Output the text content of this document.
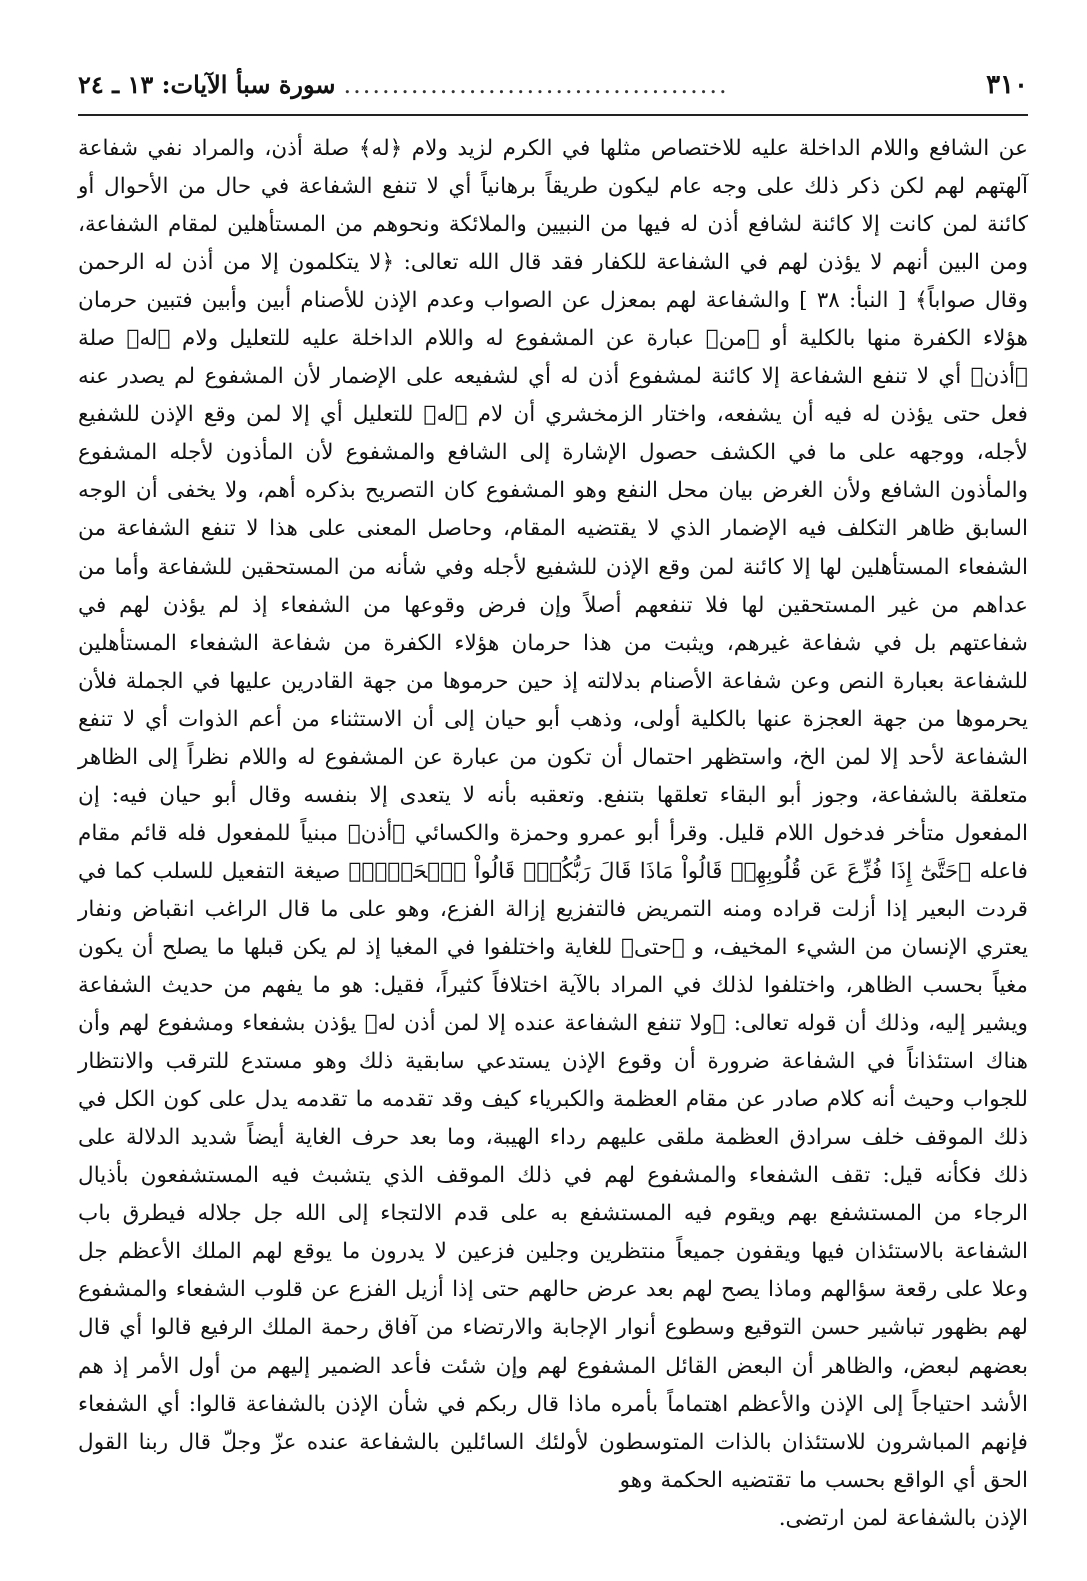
٣١٠
........................................
سورة سبأ الآيات: ١٣ ـ ٢٤

عن الشافع واللام الداخلة عليه للاختصاص مثلها في الكرم لزيد ولام ﴿له﴾ صلة أذن، والمراد نفي شفاعة آلهتهم لهم لكن ذكر ذلك على وجه عام ليكون طريقاً برهانياً أي لا تنفع الشفاعة في حال من الأحوال أو كائنة لمن كانت إلا كائنة لشافع أذن له فيها من النبيين والملائكة ونحوهم من المستأهلين لمقام الشفاعة، ومن البين أنهم لا يؤذن لهم في الشفاعة للكفار فقد قال الله تعالى: ﴿لا يتكلمون إلا من أذن له الرحمن وقال صواباً﴾ [ النبأ: ٣٨ ] والشفاعة لهم بمعزل عن الصواب وعدم الإذن للأصنام أبين وأبين فتبين حرمان هؤلاء الكفرة منها بالكلية أو ﴿من﴾ عبارة عن المشفوع له واللام الداخلة عليه للتعليل ولام ﴿له﴾ صلة ﴿أذن﴾ أي لا تنفع الشفاعة إلا كائنة لمشفوع أذن له أي لشفيعه على الإضمار لأن المشفوع لم يصدر عنه فعل حتى يؤذن له فيه أن يشفعه، واختار الزمخشري أن لام ﴿له﴾ للتعليل أي إلا لمن وقع الإذن للشفيع لأجله، ووجهه على ما في الكشف حصول الإشارة إلى الشافع والمشفوع لأن المأذون لأجله المشفوع والمأذون الشافع ولأن الغرض بيان محل النفع وهو المشفوع كان التصريح بذكره أهم، ولا يخفى أن الوجه السابق ظاهر التكلف فيه الإضمار الذي لا يقتضيه المقام، وحاصل المعنى على هذا لا تنفع الشفاعة من الشفعاء المستأهلين لها إلا كائنة لمن وقع الإذن للشفيع لأجله وفي شأنه من المستحقين للشفاعة وأما من عداهم من غير المستحقين لها فلا تنفعهم أصلاً وإن فرض وقوعها من الشفعاء إذ لم يؤذن لهم في شفاعتهم بل في شفاعة غيرهم، ويثبت من هذا حرمان هؤلاء الكفرة من شفاعة الشفعاء المستأهلين للشفاعة بعبارة النص وعن شفاعة الأصنام بدلالته إذ حين حرموها من جهة القادرين عليها في الجملة فلأن يحرموها من جهة العجزة عنها بالكلية أولى، وذهب أبو حيان إلى أن الاستثناء من أعم الذوات أي لا تنفع الشفاعة لأحد إلا لمن الخ، واستظهر احتمال أن تكون من عبارة عن المشفوع له واللام نظراً إلى الظاهر متعلقة بالشفاعة، وجوز أبو البقاء تعلقها بتنفع. وتعقبه بأنه لا يتعدى إلا بنفسه وقال أبو حيان فيه: إن المفعول متأخر فدخول اللام قليل. وقرأ أبو عمرو وحمزة والكسائي ﴿أذن﴾ مبنياً للمفعول فله قائم مقام فاعله ﴿حَتَّىٰٓ إِذَا فُزِّعَ عَن قُلُوبِهِمۡ قَالُواْ مَاذَا قَالَ رَبُّكُمۡۖ قَالُواْ ٱلۡحَقَّۖ﴾ صيغة التفعيل للسلب كما في قردت البعير إذا أزلت قراده ومنه التمريض فالتفزيع إزالة الفزع، وهو على ما قال الراغب انقباض ونفار يعتري الإنسان من الشيء المخيف، و ﴿حتى﴾ للغاية واختلفوا في المغيا إذ لم يكن قبلها ما يصلح أن يكون مغياً بحسب الظاهر، واختلفوا لذلك في المراد بالآية اختلافاً كثيراً، فقيل: هو ما يفهم من حديث الشفاعة ويشير إليه، وذلك أن قوله تعالى: ﴿ولا تنفع الشفاعة عنده إلا لمن أذن له﴾ يؤذن بشفعاء ومشفوع لهم وأن هناك استئذاناً في الشفاعة ضرورة أن وقوع الإذن يستدعي سابقية ذلك وهو مستدع للترقب والانتظار للجواب وحيث أنه كلام صادر عن مقام العظمة والكبرياء كيف وقد تقدمه ما تقدمه يدل على كون الكل في ذلك الموقف خلف سرادق العظمة ملقى عليهم رداء الهيبة، وما بعد حرف الغاية أيضاً شديد الدلالة على ذلك فكأنه قيل: تقف الشفعاء والمشفوع لهم في ذلك الموقف الذي يتشبث فيه المستشفعون بأذيال الرجاء من المستشفع بهم ويقوم فيه المستشفع به على قدم الالتجاء إلى الله جل جلاله فيطرق باب الشفاعة بالاستئذان فيها ويقفون جميعاً منتظرين وجلين فزعين لا يدرون ما يوقع لهم الملك الأعظم جل وعلا على رقعة سؤالهم وماذا يصح لهم بعد عرض حالهم حتى إذا أزيل الفزع عن قلوب الشفعاء والمشفوع لهم بظهور تباشير حسن التوقيع وسطوع أنوار الإجابة والارتضاء من آفاق رحمة الملك الرفيع قالوا أي قال بعضهم لبعض، والظاهر أن البعض القائل المشفوع لهم وإن شئت فأعد الضمير إليهم من أول الأمر إذ هم الأشد احتياجاً إلى الإذن والأعظم اهتماماً بأمره ماذا قال ربكم في شأن الإذن بالشفاعة قالوا: أي الشفعاء فإنهم المباشرون للاستئذان بالذات المتوسطون لأولئك السائلين بالشفاعة عنده عزّ وجلّ قال ربنا القول الحق أي الواقع بحسب ما تقتضيه الحكمة وهو
الإذن بالشفاعة لمن ارتضى.
